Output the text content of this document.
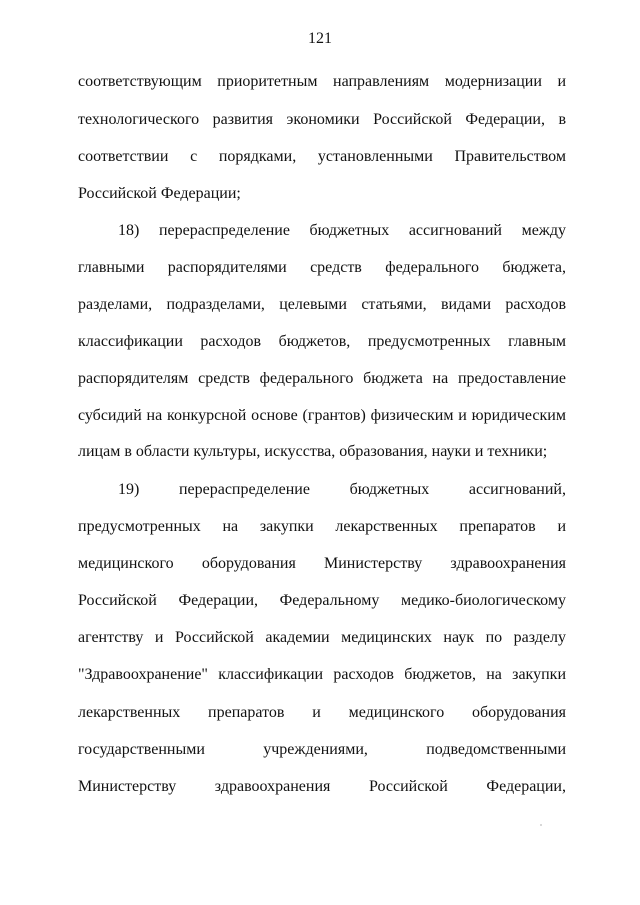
121
соответствующим приоритетным направлениям модернизации и
технологического развития экономики Российской Федерации, в
соответствии с порядками, установленными Правительством
Российской Федерации;
18) перераспределение бюджетных ассигнований между
главными распорядителями средств федерального бюджета,
разделами, подразделами, целевыми статьями, видами расходов
классификации расходов бюджетов, предусмотренных главным
распорядителям средств федерального бюджета на предоставление
субсидий на конкурсной основе (грантов) физическим и юридическим
лицам в области культуры, искусства, образования, науки и техники;
19) перераспределение бюджетных ассигнований,
предусмотренных на закупки лекарственных препаратов и
медицинского оборудования Министерству здравоохранения
Российской Федерации, Федеральному медико-биологическому
агентству и Российской академии медицинских наук по разделу
"Здравоохранение" классификации расходов бюджетов, на закупки
лекарственных препаратов и медицинского оборудования
государственными учреждениями, подведомственными
Министерству здравоохранения Российской Федерации,
